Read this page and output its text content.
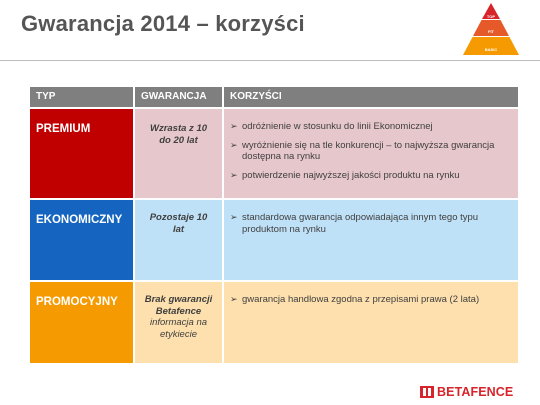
Gwarancja 2014 – korzyści	TOP
FIT
BASIC
TYP	GWARANCJA	KORZYŚCI
PREMIUM	Wzrasta z 10 do 20 lat
➢ odróżnienie w stosunku do linii Ekonomicznej
➢ wyróżnienie się na tle konkurencji – to najwyższa gwarancja dostępna na rynku
➢ potwierdzenie najwyższej jakości produktu na rynku
EKONOMICZNY	Pozostaje 10 lat
➢ standardowa gwarancja odpowiadająca innym tego typu produktom na rynku
PROMOCYJNY	Brak gwarancji Betafence
informacja na etykiecie
➢ gwarancja handlowa zgodna z przepisami prawa (2 lata)
BETAFENCE
